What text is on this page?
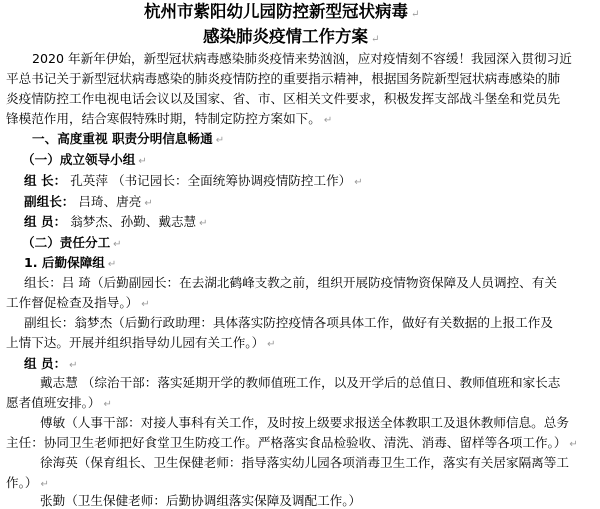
杭州市紫阳幼儿园防控新型冠状病毒 ↵
感染肺炎疫情工作方案 ↵
2020 年新年伊始，新型冠状病毒感染肺炎疫情来势汹汹，应对疫情刻不容缓！我园深入贯彻习近
平总书记关于新型冠状病毒感染的肺炎疫情防控的重要指示精神，根据国务院新型冠状病毒感染的肺
炎疫情防控工作电视电话会议以及国家、省、市、区相关文件要求，积极发挥支部战斗堡垒和党员先
锋模范作用，结合寒假特殊时期，特制定防控方案如下。 ↵
一、高度重视 职责分明信息畅通 ↵
（一）成立领导小组 ↵
组 长： 孔英萍 （书记园长：全面统筹协调疫情防控工作） ↵
副组长： 吕琦、唐亮 ↵
组 员： 翁梦杰、孙勤、戴志慧 ↵
（二）责任分工 ↵
1. 后勤保障组 ↵
组长：吕 琦（后勤副园长：在去湖北鹤峰支教之前，组织开展防疫情物资保障及人员调控、有关
工作督促检查及指导。） ↵
副组长：翁梦杰（后勤行政助理：具体落实防控疫情各项具体工作，做好有关数据的上报工作及
上情下达。开展并组织指导幼儿园有关工作。） ↵
组 员： ↵
戴志慧 （综治干部：落实延期开学的教师值班工作，以及开学后的总值日、教师值班和家长志
愿者值班安排。） ↵
傅敏（人事干部：对接人事科有关工作，及时按上级要求报送全体教职工及退休教师信息。总务
主任：协同卫生老师把好食堂卫生防疫工作。严格落实食品检验收、清洗、消毒、留样等各项工作。） ↵
徐海英（保育组长、卫生保健老师：指导落实幼儿园各项消毒卫生工作，落实有关居家隔离等工
作。） ↵
张勤（卫生保健老师：后勤协调组落实保障及调配工作。）
